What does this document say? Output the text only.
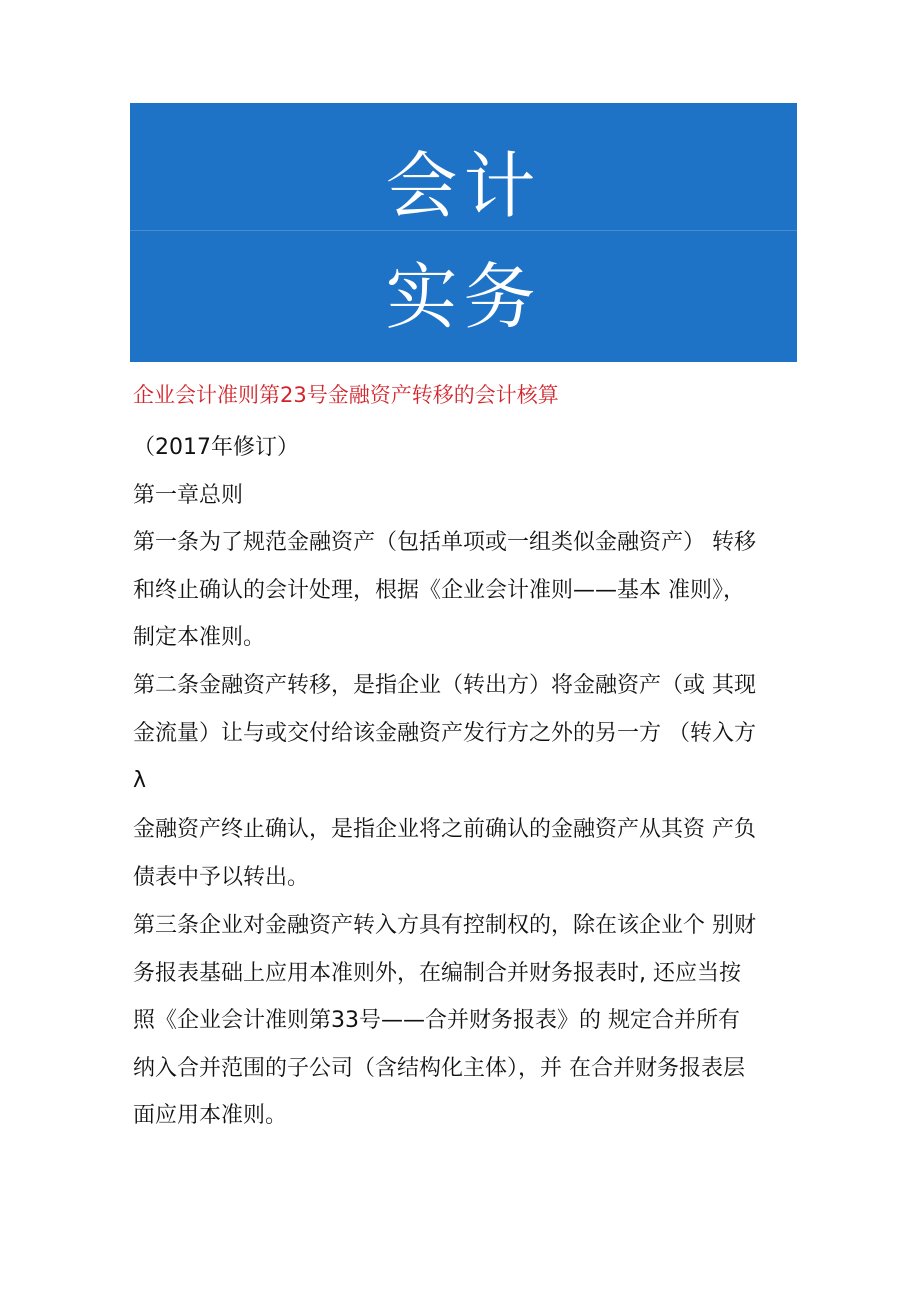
会计
实务
企业会计准则第23号金融资产转移的会计核算
（2017年修订）
第一章总则
第一条为了规范金融资产（包括单项或一组类似金融资产） 转移
和终止确认的会计处理，根据《企业会计准则——基本 准则》，
制定本准则。
第二条金融资产转移，是指企业（转出方）将金融资产（或 其现
金流量）让与或交付给该金融资产发行方之外的另一方 （转入方
λ
金融资产终止确认，是指企业将之前确认的金融资产从其资 产负
债表中予以转出。
第三条企业对金融资产转入方具有控制权的，除在该企业个 别财
务报表基础上应用本准则外，在编制合并财务报表时, 还应当按
照《企业会计准则第33号——合并财务报表》的 规定合并所有
纳入合并范围的子公司（含结构化主体），并 在合并财务报表层
面应用本准则。
